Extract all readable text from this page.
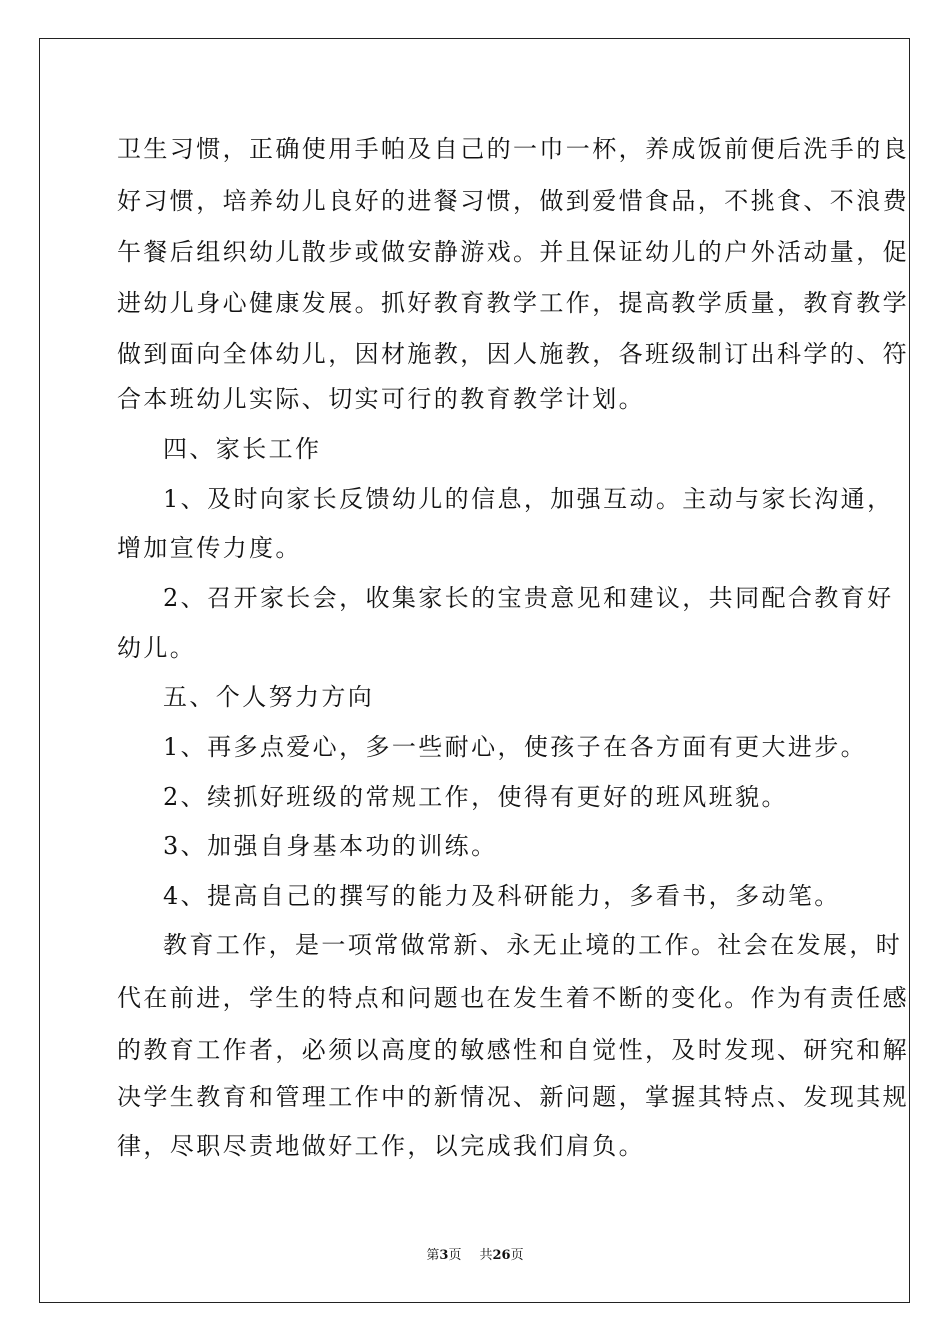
卫生习惯，正确使用手帕及自己的一巾一杯，养成饭前便后洗手的良
好习惯，培养幼儿良好的进餐习惯，做到爱惜食品，不挑食、不浪费
午餐后组织幼儿散步或做安静游戏。并且保证幼儿的户外活动量，促
进幼儿身心健康发展。抓好教育教学工作，提高教学质量，教育教学
做到面向全体幼儿，因材施教，因人施教，各班级制订出科学的、符
合本班幼儿实际、切实可行的教育教学计划。
四、家长工作
1、及时向家长反馈幼儿的信息，加强互动。主动与家长沟通，
增加宣传力度。
2、召开家长会，收集家长的宝贵意见和建议，共同配合教育好
幼儿。
五、个人努力方向
1、再多点爱心，多一些耐心，使孩子在各方面有更大进步。
2、续抓好班级的常规工作，使得有更好的班风班貌。
3、加强自身基本功的训练。
4、提高自己的撰写的能力及科研能力，多看书，多动笔。
教育工作，是一项常做常新、永无止境的工作。社会在发展，时
代在前进，学生的特点和问题也在发生着不断的变化。作为有责任感
的教育工作者，必须以高度的敏感性和自觉性，及时发现、研究和解
决学生教育和管理工作中的新情况、新问题，掌握其特点、发现其规
律，尽职尽责地做好工作，以完成我们肩负。
第3页 共26页
